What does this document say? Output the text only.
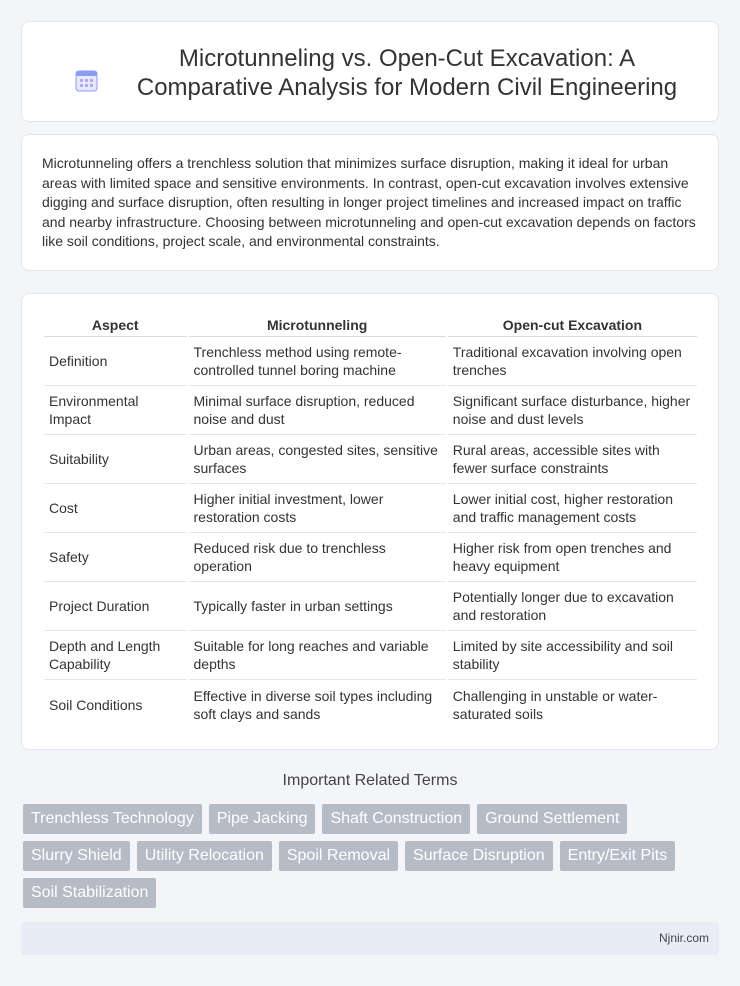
Microtunneling vs. Open-Cut Excavation: A Comparative Analysis for Modern Civil Engineering

Microtunneling offers a trenchless solution that minimizes surface disruption, making it ideal for urban areas with limited space and sensitive environments. In contrast, open-cut excavation involves extensive digging and surface disruption, often resulting in longer project timelines and increased impact on traffic and nearby infrastructure. Choosing between microtunneling and open-cut excavation depends on factors like soil conditions, project scale, and environmental constraints.

Aspect	Microtunneling	Open-cut Excavation
Definition	Trenchless method using remote-controlled tunnel boring machine	Traditional excavation involving open trenches
Environmental Impact	Minimal surface disruption, reduced noise and dust	Significant surface disturbance, higher noise and dust levels
Suitability	Urban areas, congested sites, sensitive surfaces	Rural areas, accessible sites with fewer surface constraints
Cost	Higher initial investment, lower restoration costs	Lower initial cost, higher restoration and traffic management costs
Safety	Reduced risk due to trenchless operation	Higher risk from open trenches and heavy equipment
Project Duration	Typically faster in urban settings	Potentially longer due to excavation and restoration
Depth and Length Capability	Suitable for long reaches and variable depths	Limited by site accessibility and soil stability
Soil Conditions	Effective in diverse soil types including soft clays and sands	Challenging in unstable or water-saturated soils
Important Related Terms
Trenchless Technology	Pipe Jacking	Shaft Construction	Ground Settlement
Slurry Shield	Utility Relocation	Spoil Removal	Surface Disruption	Entry/Exit Pits
Soil Stabilization
Njnir.com
